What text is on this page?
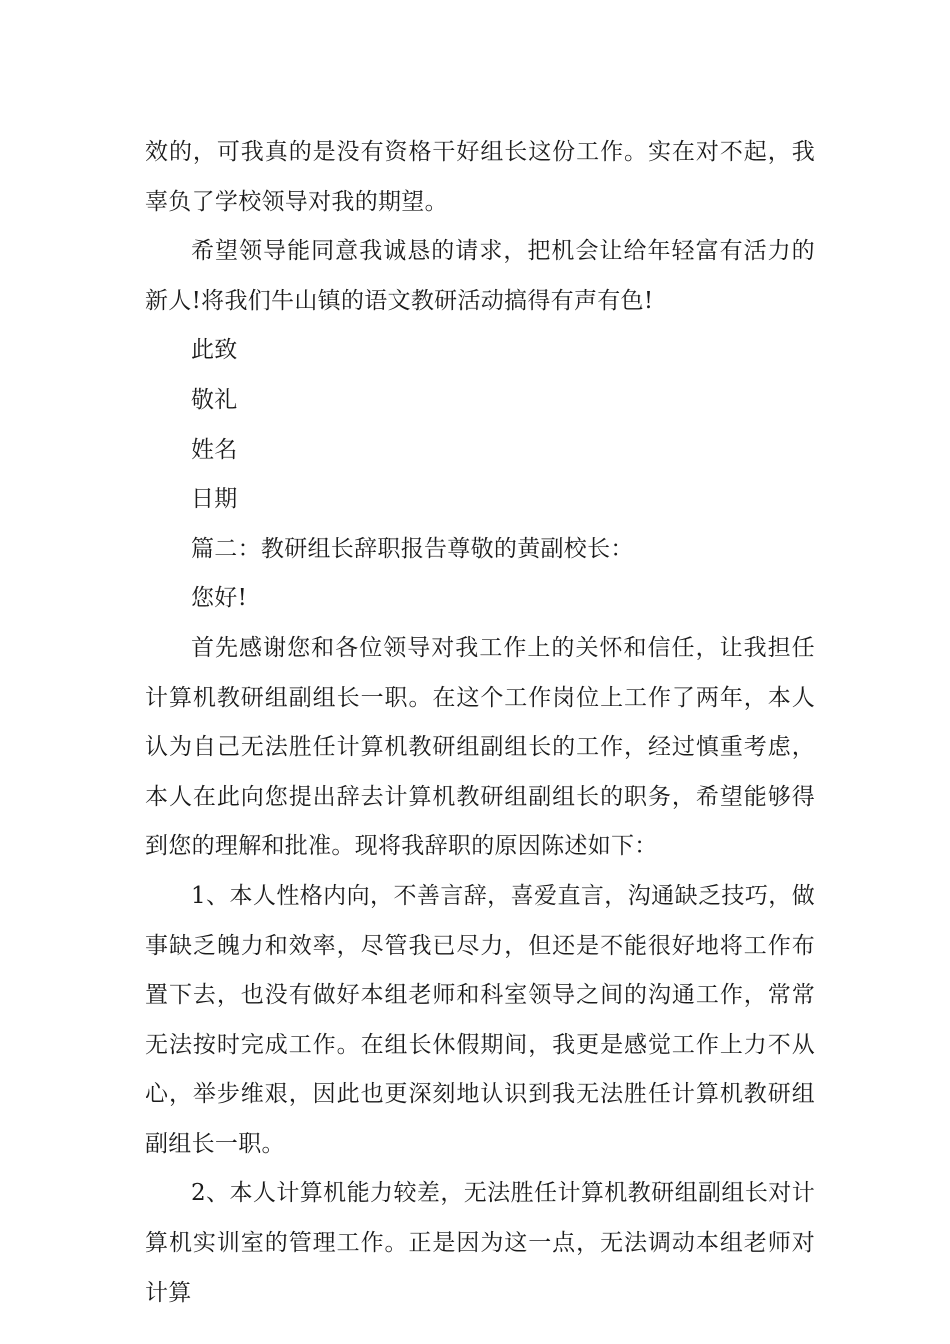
效的，可我真的是没有资格干好组长这份工作。实在对不起，我辜负了学校领导对我的期望。

希望领导能同意我诚恳的请求，把机会让给年轻富有活力的新人!将我们牛山镇的语文教研活动搞得有声有色!

此致

敬礼

姓名

日期

篇二：教研组长辞职报告尊敬的黄副校长：

您好!

首先感谢您和各位领导对我工作上的关怀和信任，让我担任计算机教研组副组长一职。在这个工作岗位上工作了两年，本人认为自己无法胜任计算机教研组副组长的工作，经过慎重考虑，本人在此向您提出辞去计算机教研组副组长的职务，希望能够得到您的理解和批准。现将我辞职的原因陈述如下：

1、本人性格内向，不善言辞，喜爱直言，沟通缺乏技巧，做事缺乏魄力和效率，尽管我已尽力，但还是不能很好地将工作布置下去，也没有做好本组老师和科室领导之间的沟通工作，常常无法按时完成工作。在组长休假期间，我更是感觉工作上力不从心，举步维艰，因此也更深刻地认识到我无法胜任计算机教研组副组长一职。

2、本人计算机能力较差，无法胜任计算机教研组副组长对计算机实训室的管理工作。正是因为这一点，无法调动本组老师对计算
